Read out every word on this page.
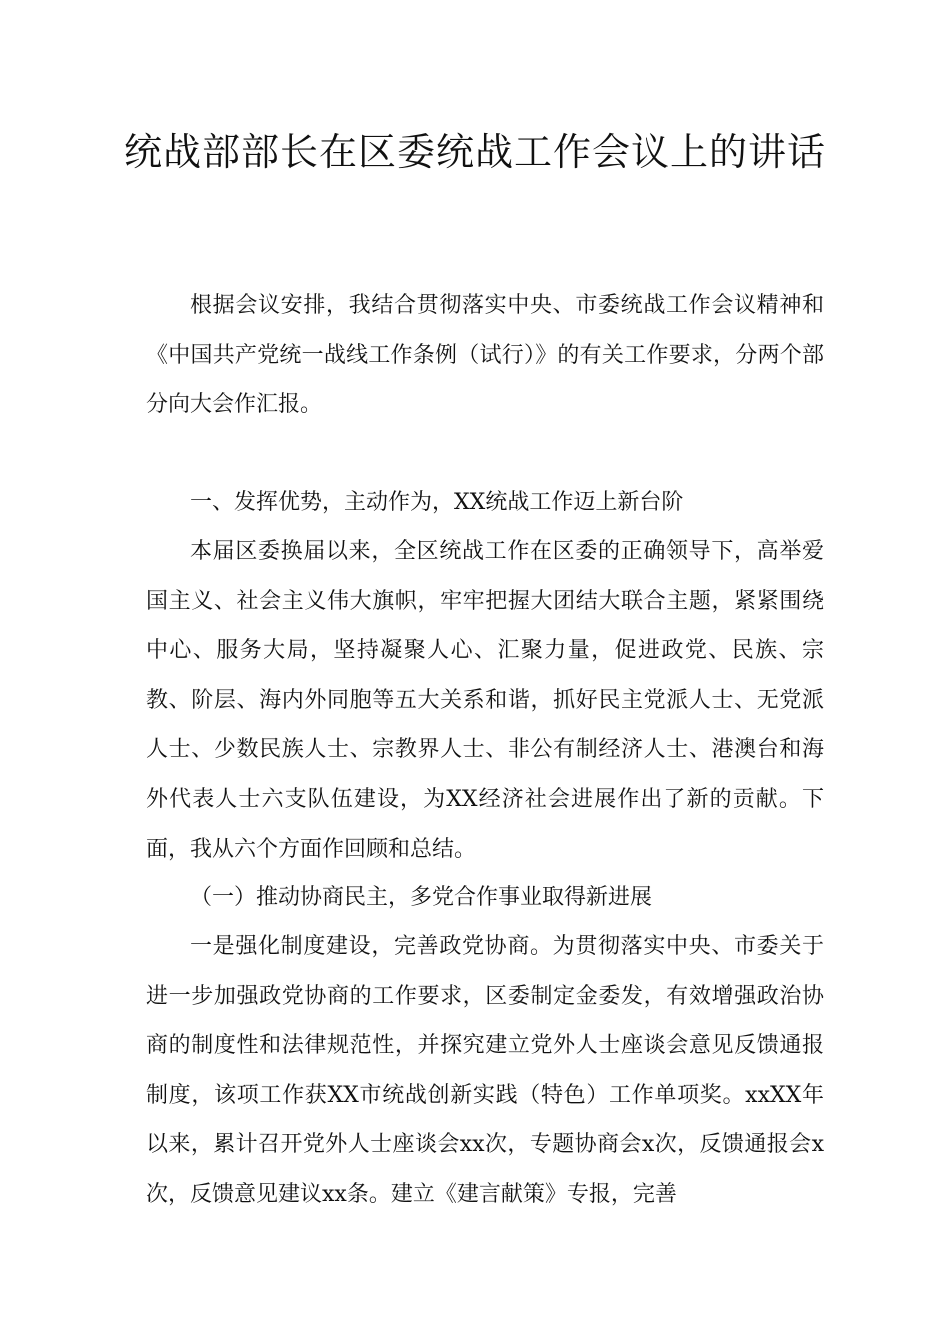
统战部部长在区委统战工作会议上的讲话

根据会议安排，我结合贯彻落实中央、市委统战工作会议精神和《中国共产党统一战线工作条例（试行）》的有关工作要求，分两个部分向大会作汇报。

一、发挥优势，主动作为，XX统战工作迈上新台阶

本届区委换届以来，全区统战工作在区委的正确领导下，高举爱国主义、社会主义伟大旗帜，牢牢把握大团结大联合主题，紧紧围绕中心、服务大局，坚持凝聚人心、汇聚力量，促进政党、民族、宗教、阶层、海内外同胞等五大关系和谐，抓好民主党派人士、无党派人士、少数民族人士、宗教界人士、非公有制经济人士、港澳台和海外代表人士六支队伍建设，为XX经济社会进展作出了新的贡献。下面，我从六个方面作回顾和总结。

（一）推动协商民主，多党合作事业取得新进展

一是强化制度建设，完善政党协商。为贯彻落实中央、市委关于进一步加强政党协商的工作要求，区委制定金委发，有效增强政治协商的制度性和法律规范性，并探究建立党外人士座谈会意见反馈通报制度，该项工作获XX市统战创新实践（特色）工作单项奖。xxXX年以来，累计召开党外人士座谈会xx次，专题协商会x次，反馈通报会x次，反馈意见建议xx条。建立《建言献策》专报，完善
